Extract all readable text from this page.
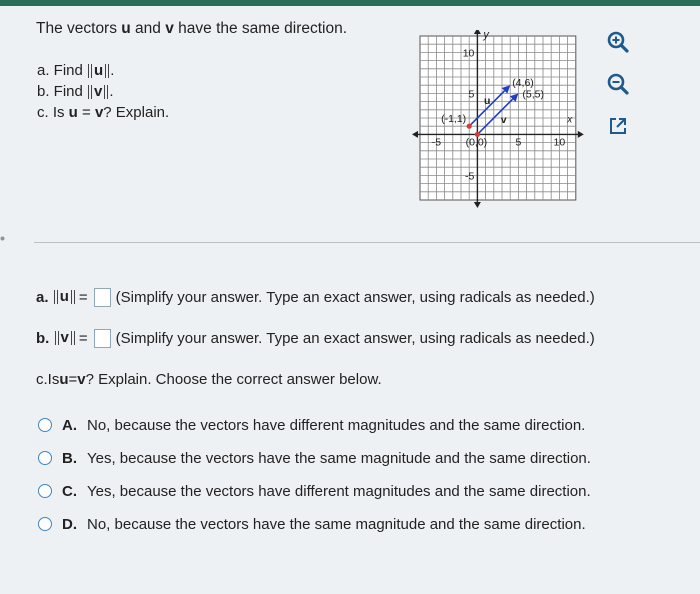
The vectors u and v have the same direction.
a. Find u .
b. Find v .
c. Is u = v? Explain.
y
x
10
5
-5
-5	5	10
u
v
(-1,1)
(4,6)
(0,0)
(5,5)
a.
u = (Simplify your answer. Type an exact answer, using radicals as needed.)
b.
v = (Simplify your answer. Type an exact answer, using radicals as needed.)
c. Is u = v ? Explain. Choose the correct answer below.
A. No, because the vectors have different magnitudes and the same direction.
B. Yes, because the vectors have the same magnitude and the same direction.
C. Yes, because the vectors have different magnitudes and the same direction.
D. No, because the vectors have the same magnitude and the same direction.
